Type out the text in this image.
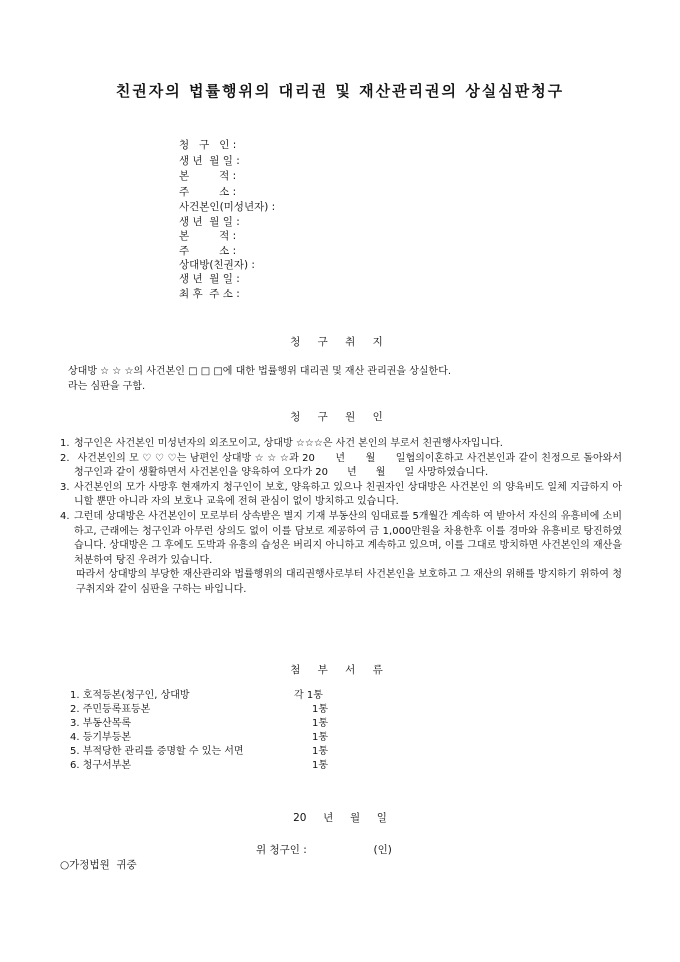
친권자의 법률행위의 대리권 및 재산관리권의 상실심판청구
청   구   인 :
생 년  월 일 :
본         적 :
주         소 :
사건본인(미성년자) :
생 년  월 일 :
본         적 :
주         소 :
상대방(친권자) :
생 년  월 일 :
최 후  주 소 :
청 구 취 지
상대방 ☆ ☆ ☆의 사건본인 □ □ □에 대한 법률행위 대리권 및 재산 관리권을 상실한다.
라는 심판을 구함.
청 구 원 인
1. 청구인은 사건본인 미성년자의 외조모이고, 상대방 ☆☆☆은 사건 본인의 부로서 친권행사자입니다.
2. 사건본인의 모 ♡ ♡ ♡는 남편인 상대방 ☆ ☆ ☆과 20      년      월      일협의이혼하고 사건본인과 같이 친정으로 돌아와서 청구인과 같이 생활하면서 사건본인을 양육하여 오다가 20      년      월      일 사망하였습니다.
3. 사건본인의 모가 사망후 현재까지 청구인이 보호, 양육하고 있으나 친권자인 상대방은 사건본인 의 양육비도 일체 지급하지 아니할 뿐만 아니라 자의 보호나 교육에 전혀 관심이 없이 방치하고 있습니다.
4. 그런데 상대방은 사건본인이 모로부터 상속받은 별지 기재 부동산의 임대료를 5개월간 계속하 여 받아서 자신의 유흥비에 소비하고, 근래에는 청구인과 아무런 상의도 없이 이를 담보로 제공하여 금 1,000만원을 차용한후 이를 경마와 유흥비로 탕진하였습니다. 상대방은 그 후에도 도박과 유흥의 습성은 버리지 아니하고 계속하고 있으며, 이를 그대로 방치하면 사건본인의 재산을 처분하여 탕진 우려가 있습니다.
따라서 상대방의 부당한 재산관리와 법률행위의 대리권행사로부터 사건본인을 보호하고 그 재산의 위해를 방지하기 위하여 청구취지와 같이 심판을 구하는 바입니다.
첨 부 서 류
1. 호적등본(청구인, 상대방	각 1통
2. 주민등록표등본	1통
3. 부동산목록	1통
4. 등기부등본	1통
5. 부적당한 관리를 증명할 수 있는 서면	1통
6. 청구서부본	1통
20     년     월     일
위 청구인 :                    (인)
○가정법원  귀중
